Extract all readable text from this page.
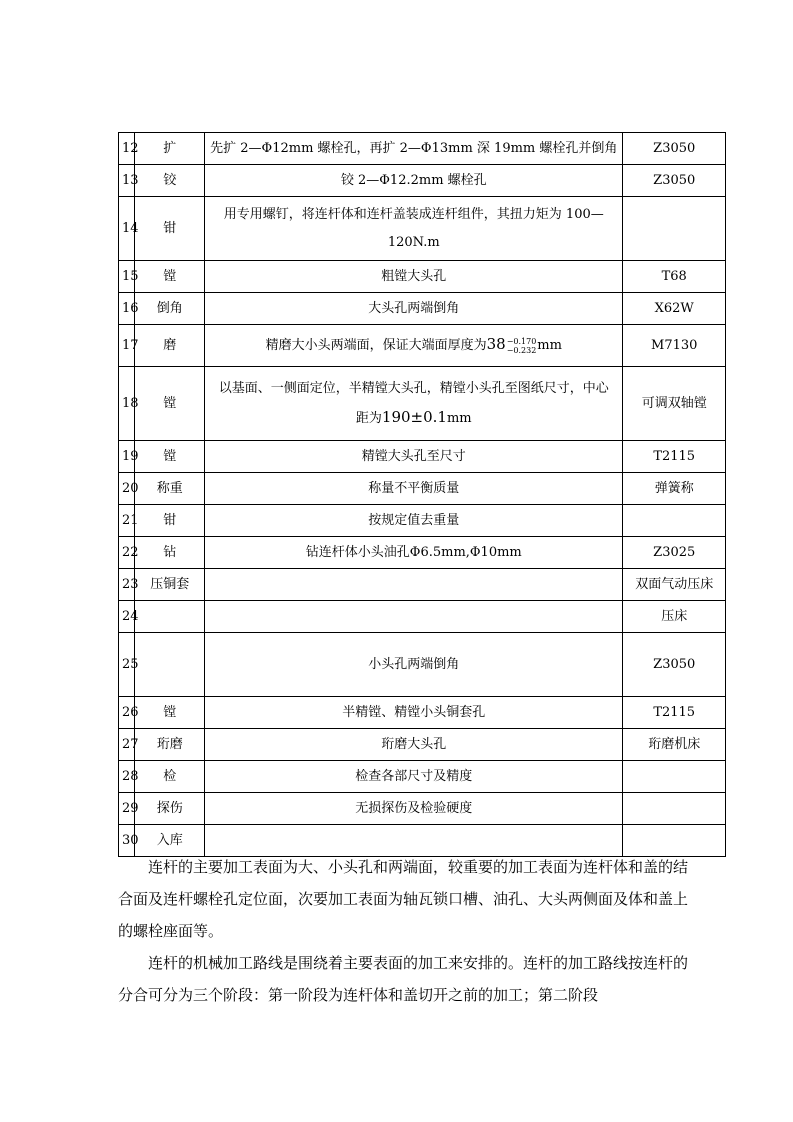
12	扩	先扩 2—Φ12mm 螺栓孔，再扩 2—Φ13mm 深 19mm 螺栓孔并倒角	Z3050
13	铰	铰 2—Φ12.2mm 螺栓孔	Z3050
14	钳	用专用螺钉，将连杆体和连杆盖装成连杆组件，其扭力矩为 100—
120N.m	

15	镗	粗镗大头孔	T68
16	倒角	大头孔两端倒角	X62W
17	磨	精磨大小头两端面，保证大端面厚度为38 −0.170
−0.232 mm	M7130
18	镗	以基面、一侧面定位，半精镗大头孔，精镗小头孔至图纸尺寸，中心
距为190±0.1mm	可调双轴镗
19	镗	精镗大头孔至尺寸	T2115
20	称重	称量不平衡质量	弹簧称
21	钳	按规定值去重量	
22	钻	钻连杆体小头油孔Φ6.5mm,Φ10mm	Z3025
23	压铜套		双面气动压床
24			压床
25		小头孔两端倒角	Z3050
26	镗	半精镗、精镗小头铜套孔	T2115
27	珩磨	珩磨大头孔	珩磨机床
28	检	检查各部尺寸及精度	
29	探伤	无损探伤及检验硬度	
30	入库		

连杆的主要加工表面为大、小头孔和两端面，较重要的加工表面为连杆体和盖的结合面及连杆螺栓孔定位面，次要加工表面为轴瓦锁口槽、油孔、大头两侧面及体和盖上的螺栓座面等。

连杆的机械加工路线是围绕着主要表面的加工来安排的。连杆的加工路线按连杆的分合可分为三个阶段：第一阶段为连杆体和盖切开之前的加工；第二阶段
